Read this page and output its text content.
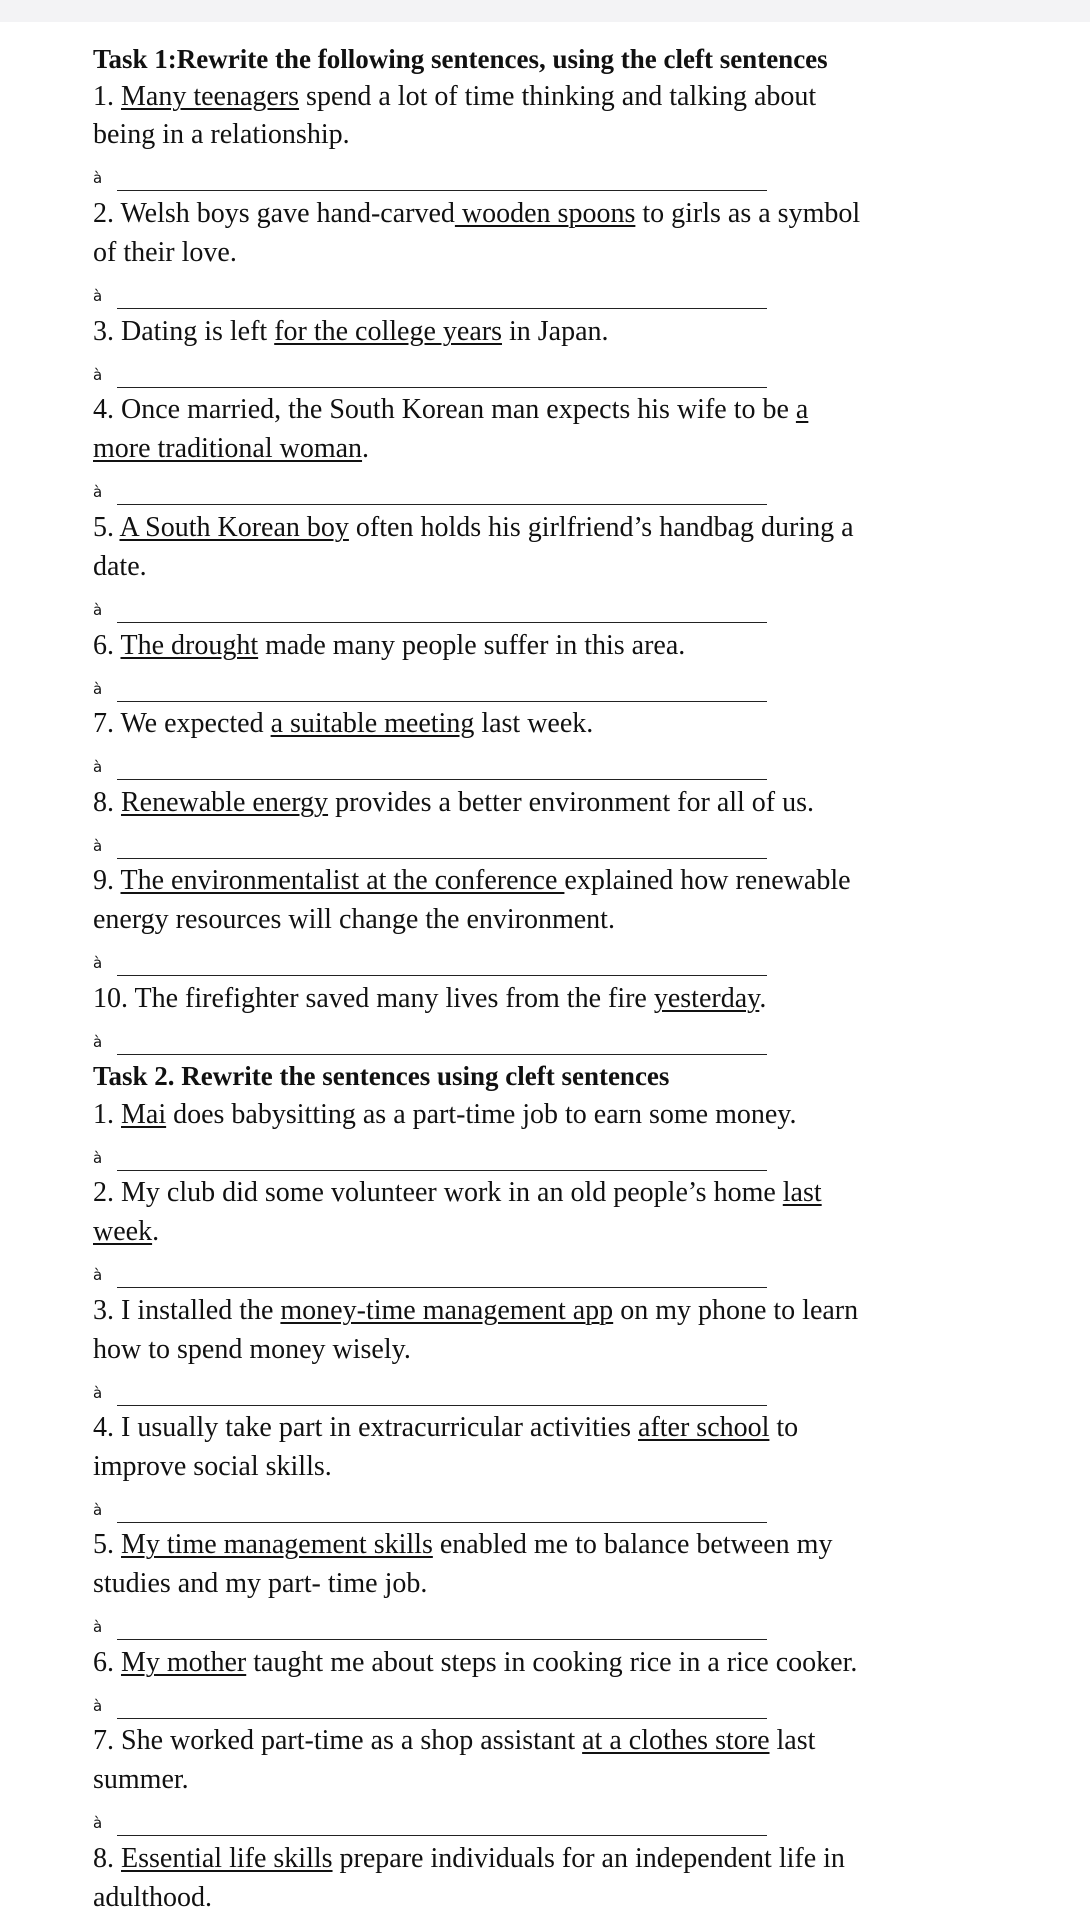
Task 1:Rewrite the following sentences, using the cleft sentences
1. Many teenagers spend a lot of time thinking and talking about
being in a relationship.
à
2. Welsh boys gave hand-carved wooden spoons to girls as a symbol
of their love.
à
3. Dating is left for the college years in Japan.
à
4. Once married, the South Korean man expects his wife to be a
more traditional woman.
à
5. A South Korean boy often holds his girlfriend’s handbag during a
date.
à
6. The drought made many people suffer in this area.
à
7. We expected a suitable meeting last week.
à
8. Renewable energy provides a better environment for all of us.
à
9. The environmentalist at the conference explained how renewable
energy resources will change the environment.
à
10. The firefighter saved many lives from the fire yesterday.
à
Task 2. Rewrite the sentences using cleft sentences
1. Mai does babysitting as a part-time job to earn some money.
à
2. My club did some volunteer work in an old people’s home last
week.
à
3. I installed the money-time management app on my phone to learn
how to spend money wisely.
à
4. I usually take part in extracurricular activities after school to
improve social skills.
à
5. My time management skills enabled me to balance between my
studies and my part- time job.
à
6. My mother taught me about steps in cooking rice in a rice cooker.
à
7. She worked part-time as a shop assistant at a clothes store last
summer.
à
8. Essential life skills prepare individuals for an independent life in
adulthood.
